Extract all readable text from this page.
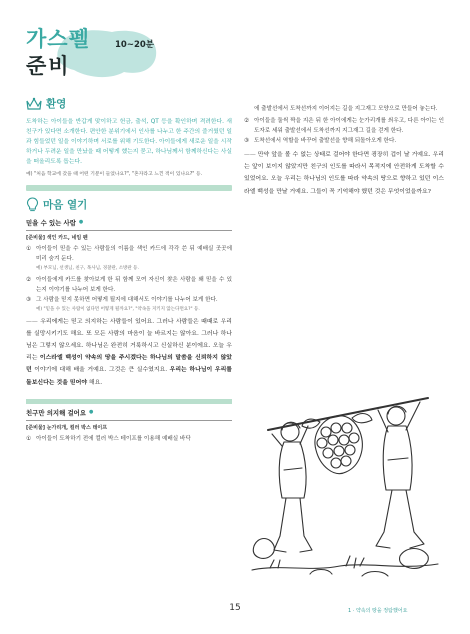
가스펠
준비
10~20분
환영

도착하는 아이들을 반갑게 맞이하고 헌금, 출석, QT 등을 확인하며 격려한다. 새 친구가 있다면 소개한다. 편안한 분위기에서 인사를 나누고 한 주간의 즐거웠던 일과 힘들었던 일을 이야기하며 서로를 위해 기도한다. 아이들에게 새로운 일을 시작하거나 두려운 일을 만났을 때 어떻게 했는지 묻고, 하나님께서 함께하신다는 사실을 떠올리도록 돕는다.

예) "처음 학교에 갔을 때 어떤 기분이 들었나요?", "혼자라고 느낀 적이 있나요?" 등.

마음 열기
믿을 수 있는 사람 ●
[준비물] 색인 카드, 네임 펜
① 아이들이 믿을 수 있는 사람들의 이름을 색인 카드에 각각 쓴 뒤 예배실 곳곳에 미리 숨겨 둔다.
예) 부모님, 선생님, 친구, 목사님, 경찰관, 소방관 등.
② 아이들에게 카드를 찾아보게 한 뒤 함께 모여 자신이 찾은 사람을 왜 믿을 수 있는지 이야기를 나누어 보게 한다.
③ 그 사람을 믿지 못하면 어떻게 될지에 대해서도 이야기를 나누어 보게 한다.
예) "믿을 수 있는 사람이 없다면 어떻게 될까요?", "약속을 지키지 않는다면요?" 등.

—— 우리에게는 믿고 의지하는 사람들이 있어요. 그러나 사람들은 때때로 우리를 실망시키기도 해요. 또 모든 사람의 마음이 늘 바르지는 않아요. 그러나 하나님은 그렇지 않으세요. 하나님은 완전히 거룩하시고 신실하신 분이에요. 오늘 우리는 이스라엘 백성이 약속의 땅을 주시겠다는 하나님의 말씀을 신뢰하지 않았던 이야기에 대해 배울 거예요. 그것은 큰 실수였지요. 우리는 하나님이 우리를 돌보신다는 것을 믿어야 해요.

친구만 의지해 걸어요 ●
[준비물] 눈가리개, 컬러 박스 테이프
① 아이들이 도착하기 전에 컬러 박스 테이프를 이용해 예배실 바닥
에 출발선에서 도착선까지 이어지는 길을 지그재그 모양으로 만들어 놓는다.
② 아이들을 둘씩 짝을 지은 뒤 한 아이에게는 눈가리개를 씌우고, 다른 아이는 인도자로 세워 출발선에서 도착선까지 지그재그 길을 걷게 한다.
③ 도착선에서 역할을 바꾸어 출발선을 향해 되돌아오게 한다.

—— 만약 앞을 볼 수 없는 상태로 걸어야 한다면 굉장히 겁이 날 거예요. 우리는 앞이 보이지 않았지만 친구의 인도를 따라서 목적지에 안전하게 도착할 수 있었어요. 오늘 우리는 하나님의 인도를 따라 약속의 땅으로 향하고 있던 이스라엘 백성을 만날 거예요. 그들이 꼭 기억해야 했던 것은 무엇이었을까요?

15	1 · 약속의 땅을 정탐했어요
